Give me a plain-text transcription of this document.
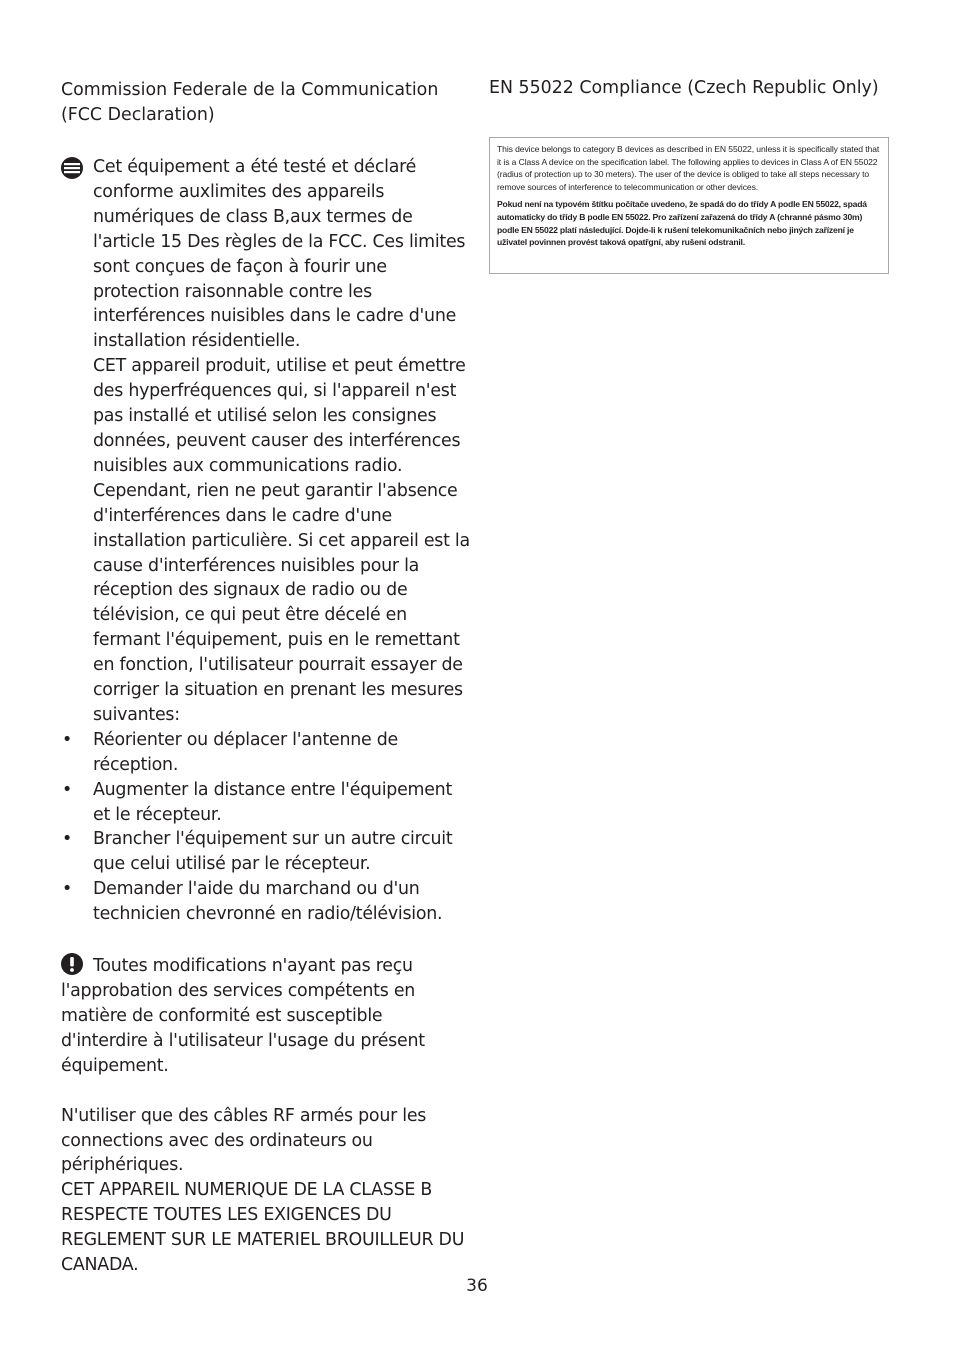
Commission Federale de la Communication (FCC Declaration)

Cet équipement a été testé et déclaré conforme auxlimites des appareils numériques de class B,aux termes de l'article 15 Des règles de la FCC. Ces limites sont conçues de façon à fourir une

protection raisonnable contre les interférences nuisibles dans le cadre d'une installation résidentielle.

CET appareil produit, utilise et peut émettre des hyperfréquences qui, si l'appareil n'est pas installé et utilisé selon les consignes données, peuvent causer des interférences nuisibles aux communications radio.

Cependant, rien ne peut garantir l'absence d'interférences dans le cadre d'une installation particulière. Si cet appareil est la cause d'interférences nuisibles pour la réception des signaux de radio ou de télévision, ce qui peut être décelé en fermant l'équipement, puis en le remettant en fonction, l'utilisateur pourrait essayer de corriger la situation en prenant les mesures suivantes:

• Réorienter ou déplacer l'antenne de réception.
• Augmenter la distance entre l'équipement et le récepteur.
• Brancher l'équipement sur un autre circuit que celui utilisé par le récepteur.
• Demander l'aide du marchand ou d'un technicien chevronné en radio/télévision.
Toutes modifications n'ayant pas reçu l'approbation des services compétents en matière de conformité est susceptible d'interdire à l'utilisateur l'usage du présent équipement.

N'utiliser que des câbles RF armés pour les connections avec des ordinateurs ou périphériques.

CET APPAREIL NUMERIQUE DE LA CLASSE B RESPECTE TOUTES LES EXIGENCES DU REGLEMENT SUR LE MATERIEL BROUILLEUR DU CANADA.

EN 55022 Compliance (Czech Republic Only)

This device belongs to category B devices as described in EN 55022, unless it is specifically stated that it is a Class A device on the specification label. The following applies to devices in Class A of EN 55022 (radius of protection up to 30 meters). The user of the device is obliged to take all steps necessary to remove sources of interference to telecommunication or other devices.

Pokud není na typovém štítku počítače uvedeno, že spadá do do třídy A podle EN 55022, spadá automaticky do třídy B podle EN 55022. Pro zařízení zařazená do třídy A (chranné pásmo 30m) podle EN 55022 platí následující. Dojde-li k rušení telekomunikačních nebo jiných zařízení je uživatel povinnen provést taková opatřgní, aby rušení odstranil.

36
